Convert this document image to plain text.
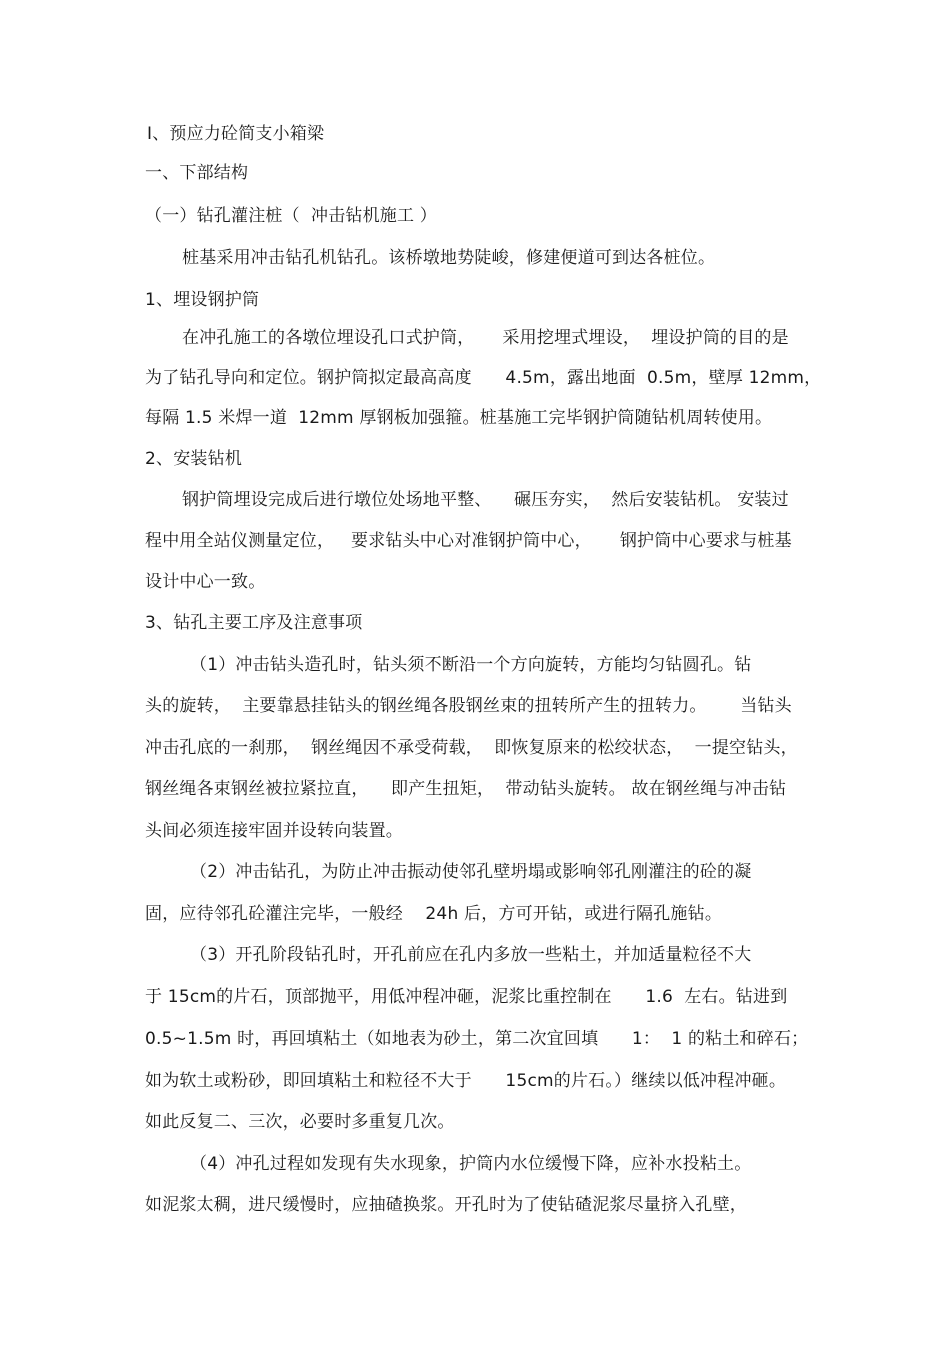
Ⅰ、预应力砼简支小箱梁
一、下部结构
（一）钻孔灌注桩（  冲击钻机施工 ）
桩基采用冲击钻孔机钻孔。该桥墩地势陡峻，修建便道可到达各桩位。
1、埋设钢护筒
在冲孔施工的各墩位埋设孔口式护筒，     采用挖埋式埋设，  埋设护筒的目的是
为了钻孔导向和定位。钢护筒拟定最高高度      4.5m，露出地面  0.5m，壁厚 12mm，
每隔 1.5 米焊一道  12mm 厚钢板加强箍。桩基施工完毕钢护筒随钻机周转使用。
2、安装钻机
钢护筒埋设完成后进行墩位处场地平整、    碾压夯实，  然后安装钻机。 安装过
程中用全站仪测量定位，   要求钻头中心对准钢护筒中心，     钢护筒中心要求与桩基
设计中心一致。
3、钻孔主要工序及注意事项
（1）冲击钻头造孔时，钻头须不断沿一个方向旋转，方能均匀钻圆孔。钻
头的旋转，  主要靠悬挂钻头的钢丝绳各股钢丝束的扭转所产生的扭转力。      当钻头
冲击孔底的一刹那，  钢丝绳因不承受荷载，  即恢复原来的松绞状态，  一提空钻头，
钢丝绳各束钢丝被拉紧拉直，    即产生扭矩，  带动钻头旋转。 故在钢丝绳与冲击钻
头间必须连接牢固并设转向装置。
（2）冲击钻孔，为防止冲击振动使邻孔壁坍塌或影响邻孔刚灌注的砼的凝
固，应待邻孔砼灌注完毕，一般经    24h 后，方可开钻，或进行隔孔施钻。
（3）开孔阶段钻孔时，开孔前应在孔内多放一些粘土，并加适量粒径不大
于 15cm的片石，顶部抛平，用低冲程冲砸，泥浆比重控制在      1.6  左右。钻进到
0.5~1.5m 时，再回填粘土（如地表为砂土，第二次宜回填      1：  1 的粘土和碎石；
如为软土或粉砂，即回填粘土和粒径不大于      15cm的片石。）继续以低冲程冲砸。
如此反复二、三次，必要时多重复几次。
（4）冲孔过程如发现有失水现象，护筒内水位缓慢下降，应补水投粘土。
如泥浆太稠，进尺缓慢时，应抽碴换浆。开孔时为了使钻碴泥浆尽量挤入孔壁，
